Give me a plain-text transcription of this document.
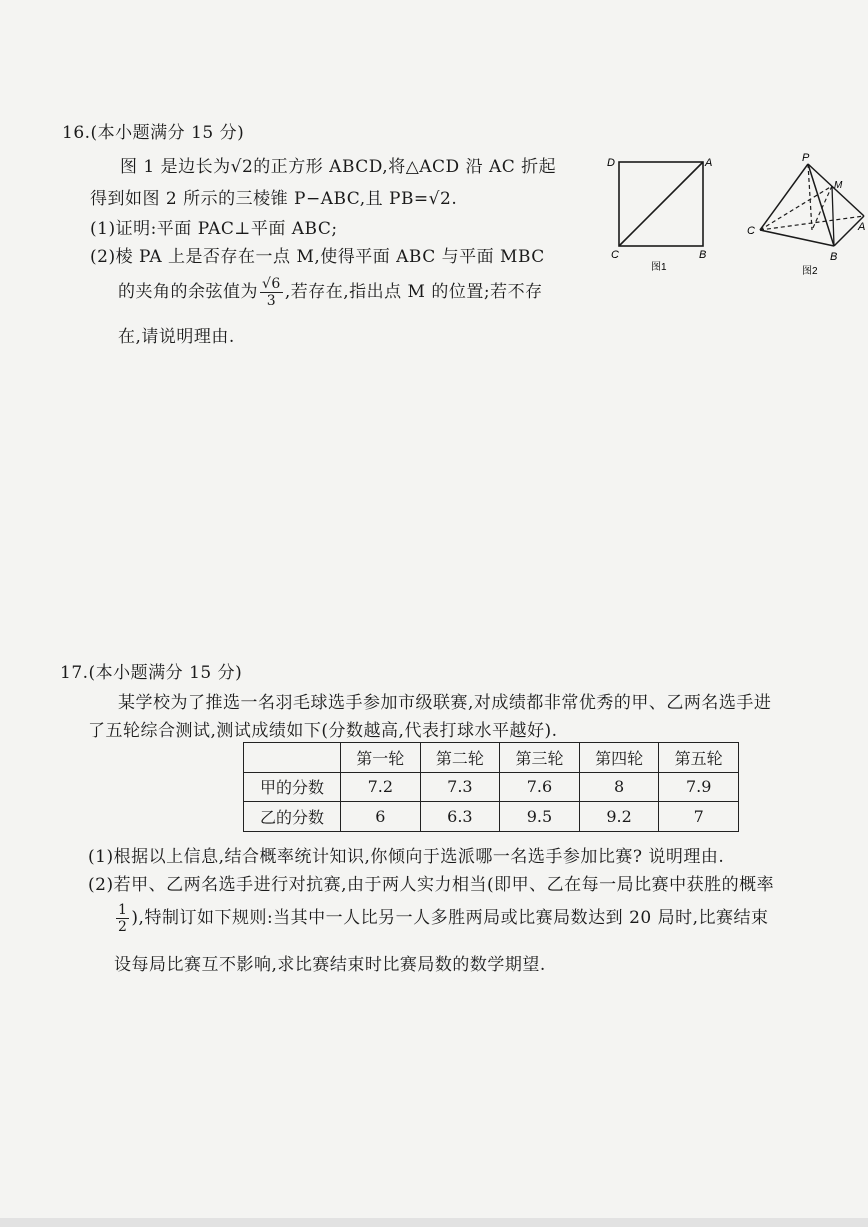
16.(本小题满分 15 分)
图 1 是边长为√2的正方形 ABCD,将△ACD 沿 AC 折起
得到如图 2 所示的三棱锥 P−ABC,且 PB=√2.
(1)证明:平面 PAC⊥平面 ABC;
(2)棱 PA 上是否存在一点 M,使得平面 ABC 与平面 MBC
的夹角的余弦值为 $\frac{√6}{3}$ ,若存在,指出点 M 的位置;若不存
在,请说明理由.
D	A
C	B
图1
P
M
C	A
B
图2
17.(本小题满分 15 分)
某学校为了推选一名羽毛球选手参加市级联赛,对成绩都非常优秀的甲、乙两名选手进
了五轮综合测试,测试成绩如下(分数越高,代表打球水平越好).
	第一轮	第二轮	第三轮	第四轮	第五轮
甲的分数	7.2	7.3	7.6	8	7.9
乙的分数	6	6.3	9.5	9.2	7
(1)根据以上信息,结合概率统计知识,你倾向于选派哪一名选手参加比赛? 说明理由.
(2)若甲、乙两名选手进行对抗赛,由于两人实力相当(即甲、乙在每一局比赛中获胜的概率
$\frac{1}{2}$ ),特制订如下规则:当其中一人比另一人多胜两局或比赛局数达到 20 局时,比赛结束
设每局比赛互不影响,求比赛结束时比赛局数的数学期望.
